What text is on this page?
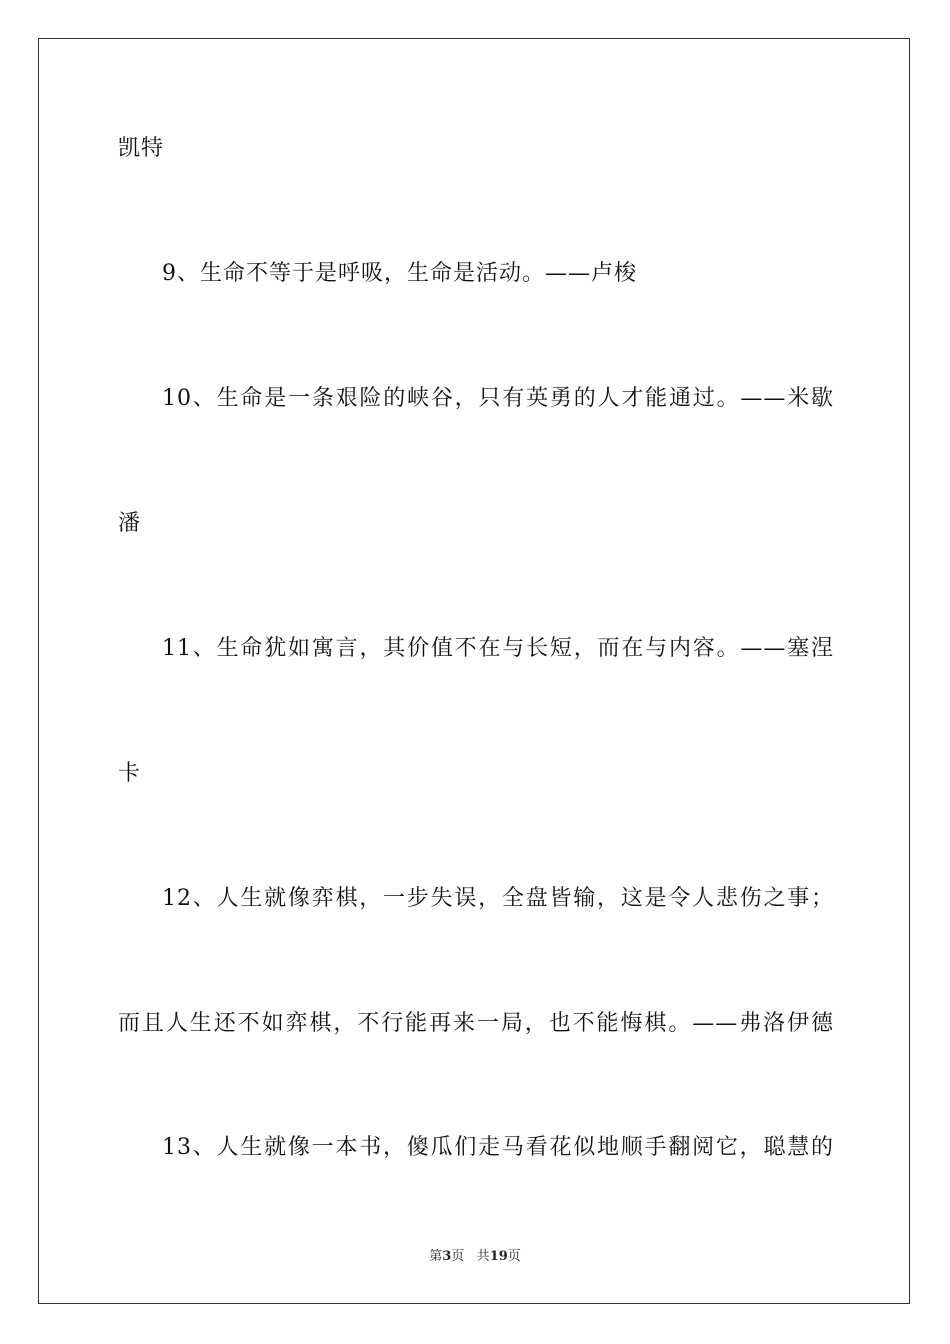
凯特
9、生命不等于是呼吸，生命是活动。——卢梭
10、生命是一条艰险的峡谷，只有英勇的人才能通过。——米歇
潘
11、生命犹如寓言，其价值不在与长短，而在与内容。——塞涅
卡
12、人生就像弈棋，一步失误，全盘皆输，这是令人悲伤之事；
而且人生还不如弈棋，不行能再来一局，也不能悔棋。——弗洛伊德
13、人生就像一本书，傻瓜们走马看花似地顺手翻阅它，聪慧的
第3页 共19页
